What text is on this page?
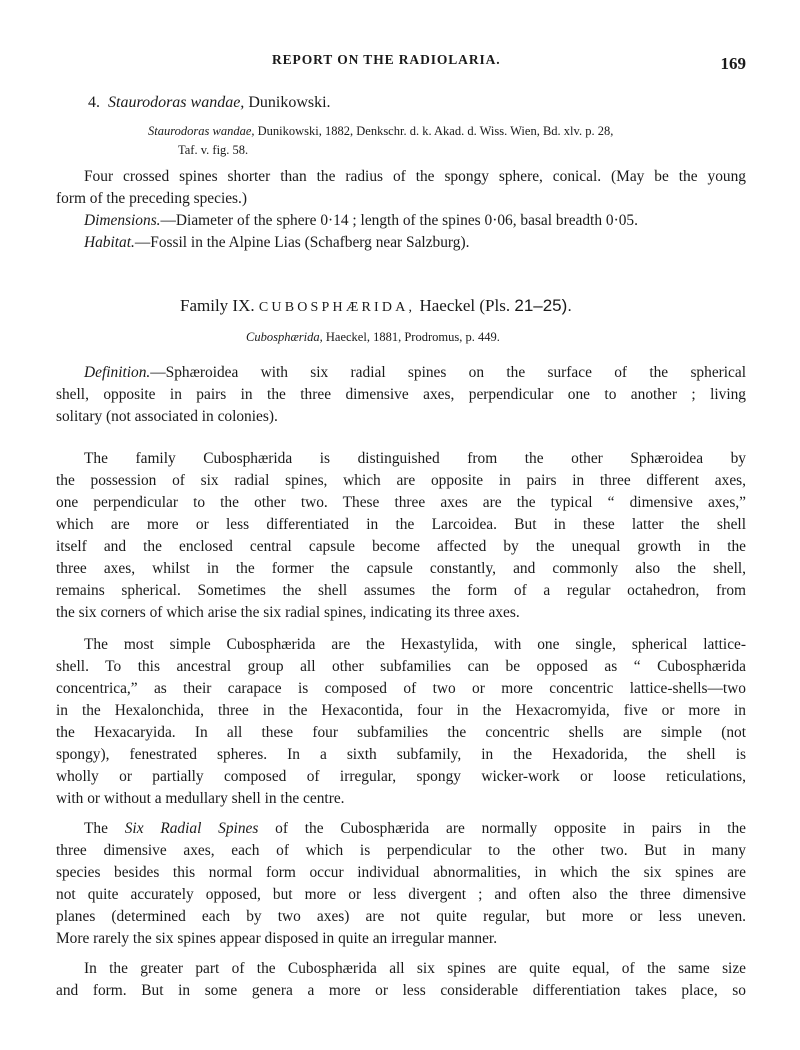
REPORT ON THE RADIOLARIA.	169
4. Staurodoras wandae, Dunikowski.
Staurodoras wandae, Dunikowski, 1882, Denkschr. d. k. Akad. d. Wiss. Wien, Bd. xlv. p. 28,
Taf. v. fig. 58.
Four crossed spines shorter than the radius of the spongy sphere, conical. (May be the young
form of the preceding species.)
Dimensions.—Diameter of the sphere 0·14 ; length of the spines 0·06, basal breadth 0·05.
Habitat.—Fossil in the Alpine Lias (Schafberg near Salzburg).
Family IX. CUBOSPHÆRIDA, Haeckel (Pls. 21–25).
Cubosphærida, Haeckel, 1881, Prodromus, p. 449.
Definition.—Sphæroidea with six radial spines on the surface of the spherical
shell, opposite in pairs in the three dimensive axes, perpendicular one to another ; living
solitary (not associated in colonies).
The family Cubosphærida is distinguished from the other Sphæroidea by
the possession of six radial spines, which are opposite in pairs in three different axes,
one perpendicular to the other two. These three axes are the typical “ dimensive axes,”
which are more or less differentiated in the Larcoidea. But in these latter the shell
itself and the enclosed central capsule become affected by the unequal growth in the
three axes, whilst in the former the capsule constantly, and commonly also the shell,
remains spherical. Sometimes the shell assumes the form of a regular octahedron, from
the six corners of which arise the six radial spines, indicating its three axes.
The most simple Cubosphærida are the Hexastylida, with one single, spherical lattice-
shell. To this ancestral group all other subfamilies can be opposed as “ Cubosphærida
concentrica,” as their carapace is composed of two or more concentric lattice-shells—two
in the Hexalonchida, three in the Hexacontida, four in the Hexacromyida, five or more in
the Hexacaryida. In all these four subfamilies the concentric shells are simple (not
spongy), fenestrated spheres. In a sixth subfamily, in the Hexadorida, the shell is
wholly or partially composed of irregular, spongy wicker-work or loose reticulations,
with or without a medullary shell in the centre.
The Six Radial Spines of the Cubosphærida are normally opposite in pairs in the
three dimensive axes, each of which is perpendicular to the other two. But in many
species besides this normal form occur individual abnormalities, in which the six spines are
not quite accurately opposed, but more or less divergent ; and often also the three dimensive
planes (determined each by two axes) are not quite regular, but more or less uneven.
More rarely the six spines appear disposed in quite an irregular manner.
In the greater part of the Cubosphærida all six spines are quite equal, of the same size
and form. But in some genera a more or less considerable differentiation takes place, so
